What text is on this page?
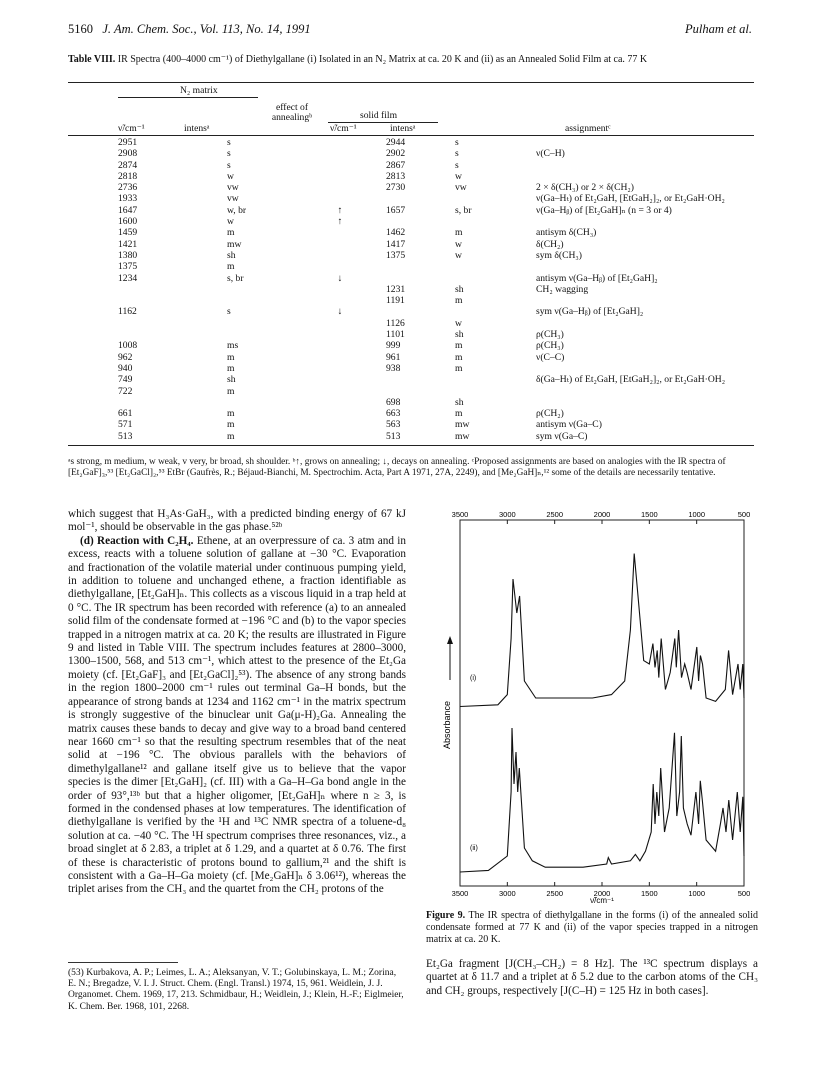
5160 J. Am. Chem. Soc., Vol. 113, No. 14, 1991	Pulham et al.
Table VIII. IR Spectra (400–4000 cm⁻¹) of Diethylgallane (i) Isolated in an N₂ Matrix at ca. 20 K and (ii) as an Annealed Solid Film at ca. 77 K
N₂ matrix
effect of annealingᵇ	solid film
ν̃/cm⁻¹	intensᵃ	ν̃/cm⁻¹	intensᵃ	assignmentᶜ
2951	s		2944	s	
2908	s		2902	s	ν(C–H)
2874	s		2867	s	
2818	w		2813	w	
2736	vw		2730	vw	2 × δ(CH₃) or 2 × δ(CH₂)
1933	vw				ν(Ga–Hₜ) of Et₂GaH, [EtGaH₂]₂, or Et₂GaH·OH₂
1647	w, br	↑	1657	s, br	ν(Ga–Hᵦ) of [Et₂GaH]ₙ (n = 3 or 4)
1600	w	↑			
1459	m		1462	m	antisym δ(CH₃)
1421	mw		1417	w	δ(CH₂)
1380	sh		1375	w	sym δ(CH₃)
1375	m				
1234	s, br	↓			antisym ν(Ga–Hᵦ) of [Et₂GaH]₂
			1231	sh	CH₂ wagging
			1191	m	
1162	s	↓			sym ν(Ga–Hᵦ) of [Et₂GaH]₂
			1126	w	
			1101	sh	ρ(CH₃)
1008	ms		999	m	ρ(CH₃)
962	m		961	m	ν(C–C)
940	m		938	m	
749	sh				δ(Ga–Hₜ) of Et₂GaH, [EtGaH₂]₂, or Et₂GaH·OH₂
722	m				
			698	sh	
661	m		663	m	ρ(CH₂)
571	m		563	mw	antisym ν(Ga–C)
513	m		513	mw	sym ν(Ga–C)
ᵃs strong, m medium, w weak, v very, br broad, sh shoulder. ᵇ↑, grows on annealing; ↓, decays on annealing. ᶜProposed assignments are based on analogies with the IR spectra of [Et₂GaF]₃,⁵³ [Et₂GaCl]₂,⁵³ EtBr (Gaufrès, R.; Béjaud-Bianchi, M. Spectrochim. Acta, Part A 1971, 27A, 2249), and [Me₂GaH]ₙ,¹² some of the details are necessarily tentative.

which suggest that H₃As·GaH₃, with a predicted binding energy of 67 kJ mol⁻¹, should be observable in the gas phase.⁵²ᵇ

(d) Reaction with C₂H₄. Ethene, at an overpressure of ca. 3 atm and in excess, reacts with a toluene solution of gallane at −30 °C. Evaporation and fractionation of the volatile material under continuous pumping yield, in addition to toluene and unchanged ethene, a fraction identifiable as diethylgallane, [Et₂GaH]ₙ. This collects as a viscous liquid in a trap held at 0 °C. The IR spectrum has been recorded with reference (a) to an annealed solid film of the condensate formed at −196 °C and (b) to the vapor species trapped in a nitrogen matrix at ca. 20 K; the results are illustrated in Figure 9 and listed in Table VIII. The spectrum includes features at 2800–3000, 1300–1500, 568, and 513 cm⁻¹, which attest to the presence of the Et₂Ga moiety (cf. [Et₂GaF]₃ and [Et₂GaCl]₂⁵³). The absence of any strong bands in the region 1800–2000 cm⁻¹ rules out terminal Ga–H bonds, but the appearance of strong bands at 1234 and 1162 cm⁻¹ in the matrix spectrum is strongly suggestive of the binuclear unit Ga(μ-H)₂Ga. Annealing the matrix causes these bands to decay and give way to a broad band centered near 1660 cm⁻¹ so that the resulting spectrum resembles that of the neat solid at −196 °C. The obvious parallels with the behaviors of dimethylgallane¹² and gallane itself give us to believe that the vapor species is the dimer [Et₂GaH]₂ (cf. III) with a Ga–H–Ga bond angle in the order of 93°,¹³ᵇ but that a higher oligomer, [Et₂GaH]ₙ where n ≥ 3, is formed in the condensed phases at low temperatures. The identification of diethylgallane is verified by the ¹H and ¹³C NMR spectra of a toluene-d₈ solution at ca. −40 °C. The ¹H spectrum comprises three resonances, viz., a broad singlet at δ 2.83, a triplet at δ 1.29, and a quartet at δ 0.76. The first of these is characteristic of protons bound to gallium,²¹ and the shift is consistent with a Ga–H–Ga moiety (cf. [Me₂GaH]ₙ δ 3.06¹²), whereas the triplet arises from the CH₃ and the quartet from the CH₂ protons of the

(53) Kurbakova, A. P.; Leimes, L. A.; Aleksanyan, V. T.; Golubinskaya, L. M.; Zorina, E. N.; Bregadze, V. I. J. Struct. Chem. (Engl. Transl.) 1974, 15, 961. Weidlein, J. J. Organomet. Chem. 1969, 17, 213. Schmidbaur, H.; Weidlein, J.; Klein, H.-F.; Eiglmeier, K. Chem. Ber. 1968, 101, 2268.
3500	3000	2500	2000	1500	1000	500
3500	3000	2500	2000	1500	1000	500
Absorbance
(i)
(ii)
ν̃/cm⁻¹
Figure 9. The IR spectra of diethylgallane in the forms (i) of the annealed solid condensate formed at 77 K and (ii) of the vapor species trapped in a nitrogen matrix at ca. 20 K.
Et₂Ga fragment [J(CH₃–CH₂) = 8 Hz]. The ¹³C spectrum displays a quartet at δ 11.7 and a triplet at δ 5.2 due to the carbon atoms of the CH₃ and CH₂ groups, respectively [J(C–H) = 125 Hz in both cases].
